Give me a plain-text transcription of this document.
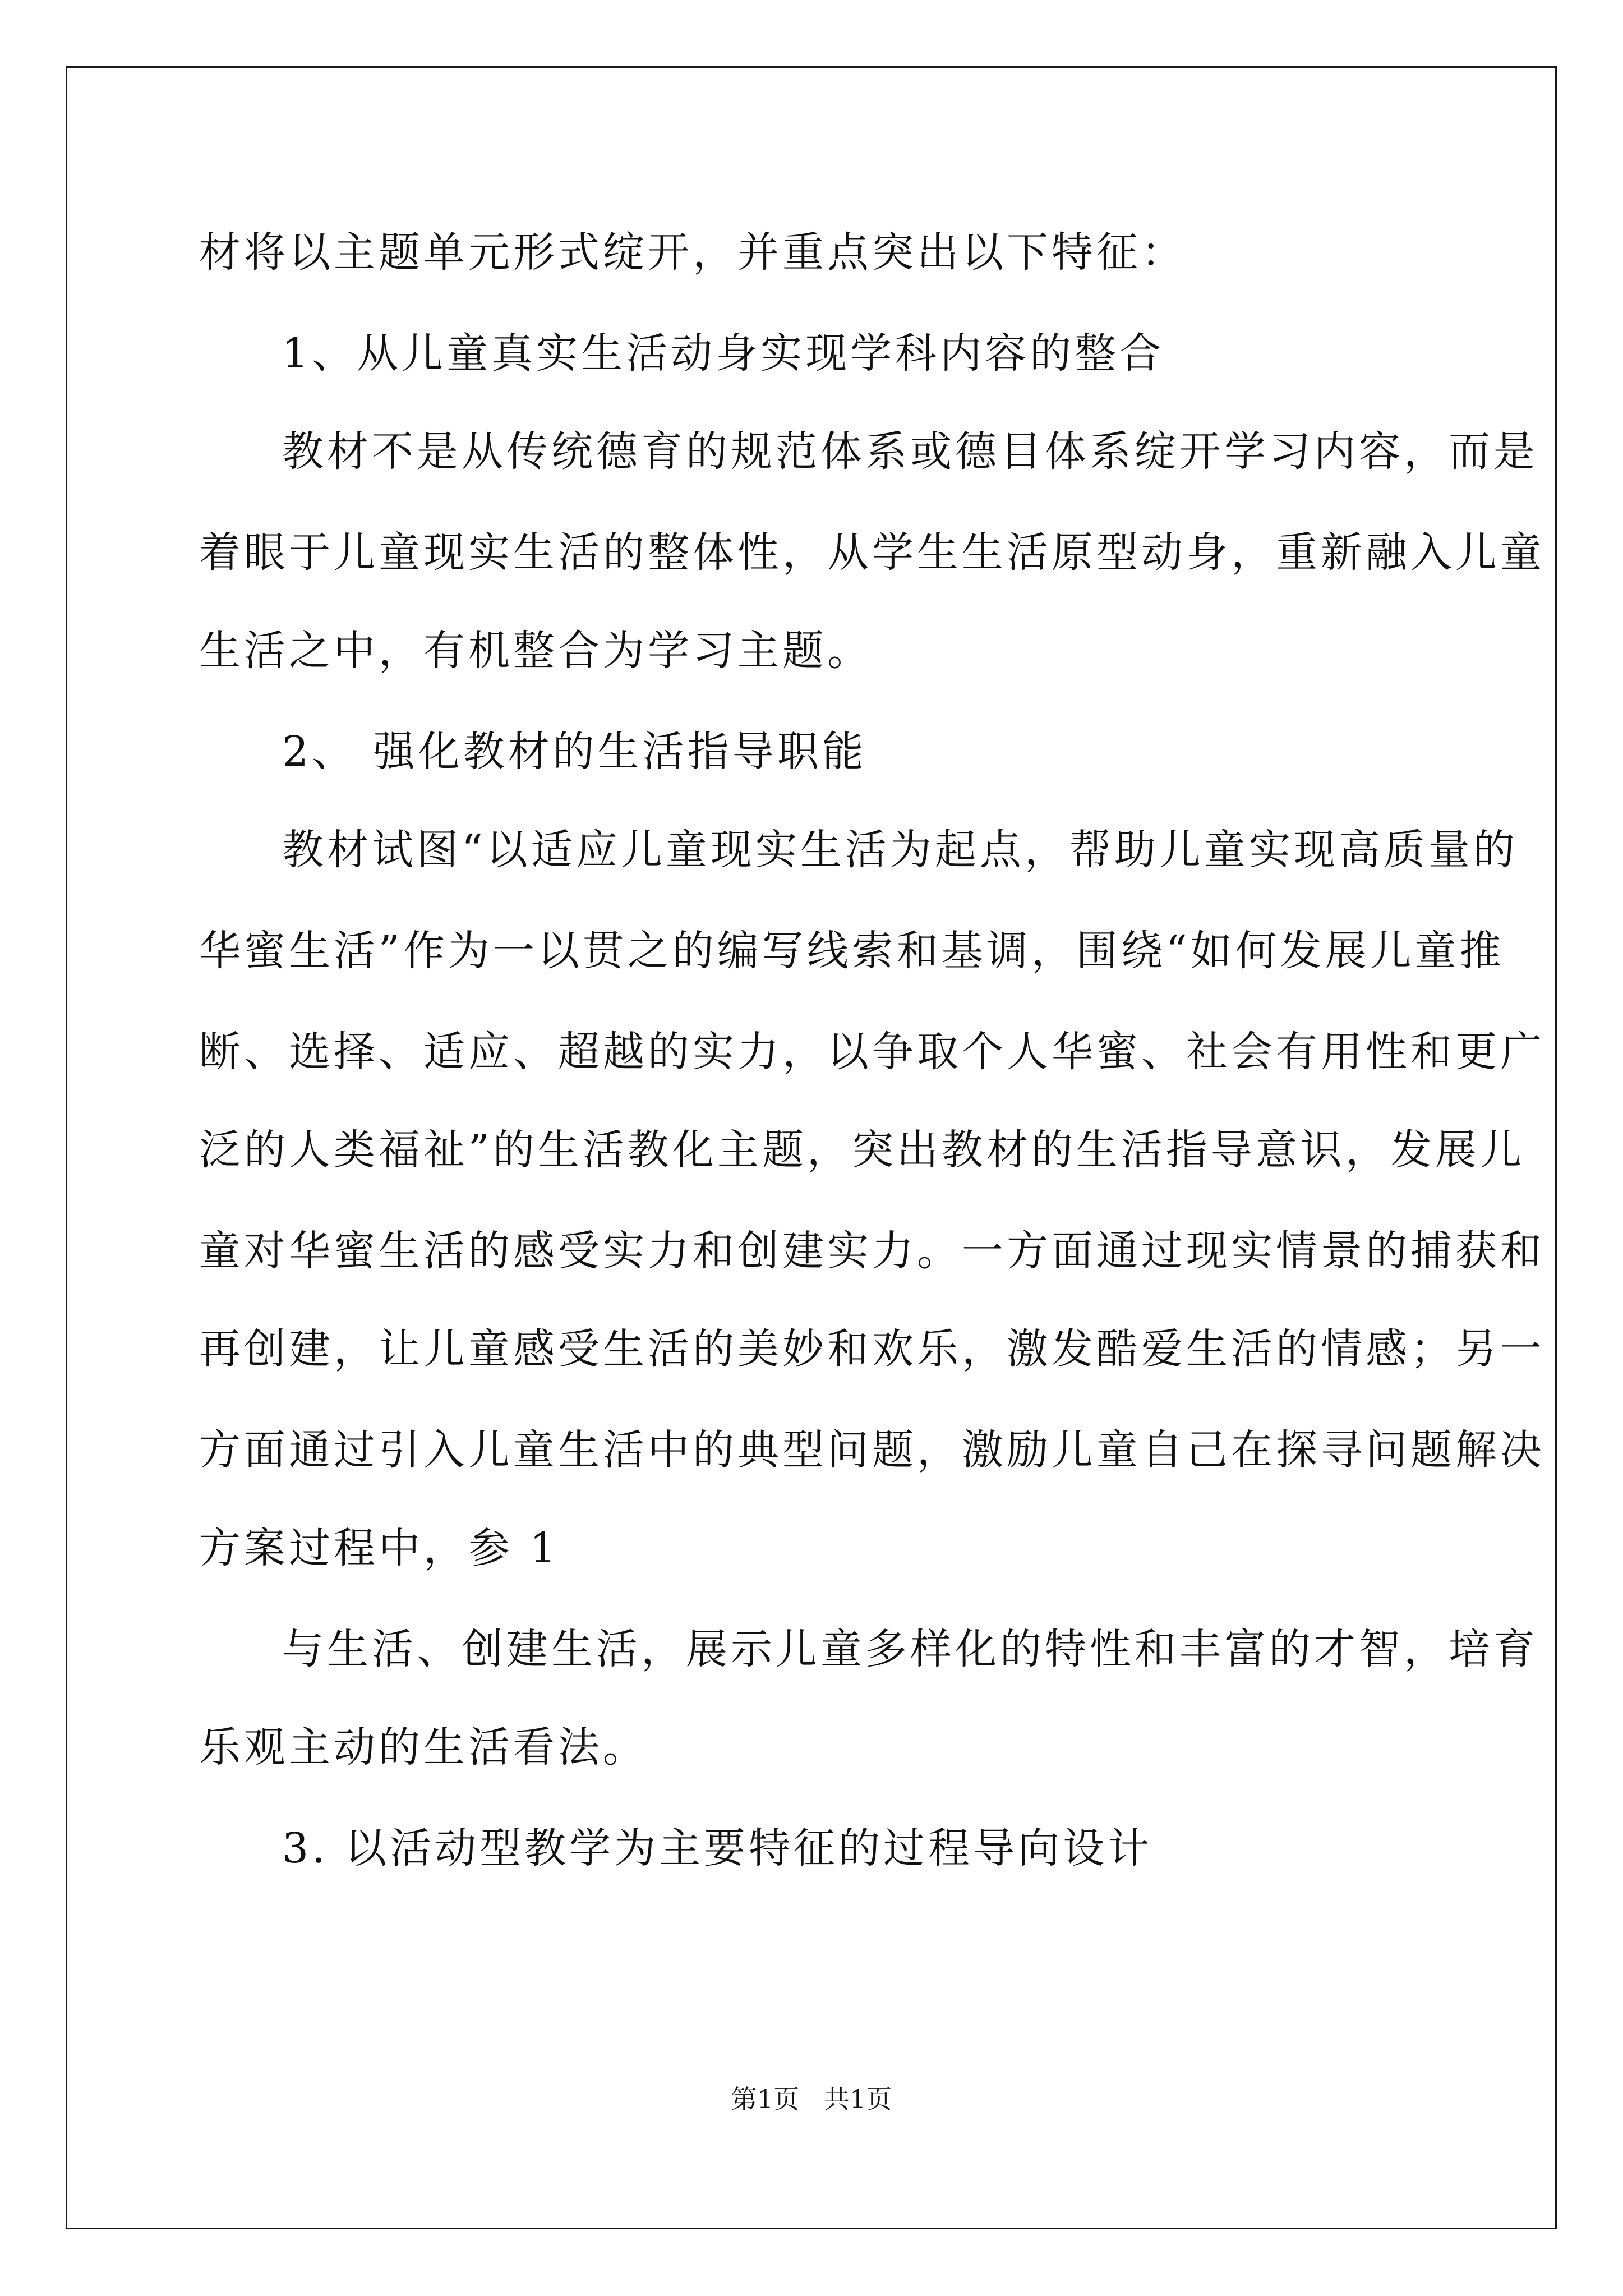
材将以主题单元形式绽开，并重点突出以下特征：

1、从儿童真实生活动身实现学科内容的整合

教材不是从传统德育的规范体系或德目体系绽开学习内容，而是

着眼于儿童现实生活的整体性，从学生生活原型动身，重新融入儿童

生活之中，有机整合为学习主题。

2、 强化教材的生活指导职能

教材试图“以适应儿童现实生活为起点，帮助儿童实现高质量的

华蜜生活”作为一以贯之的编写线索和基调，围绕“如何发展儿童推

断、选择、适应、超越的实力，以争取个人华蜜、社会有用性和更广

泛的人类福祉”的生活教化主题，突出教材的生活指导意识，发展儿

童对华蜜生活的感受实力和创建实力。一方面通过现实情景的捕获和

再创建，让儿童感受生活的美妙和欢乐，激发酷爱生活的情感；另一

方面通过引入儿童生活中的典型问题，激励儿童自己在探寻问题解决

方案过程中，参 1

与生活、创建生活，展示儿童多样化的特性和丰富的才智，培育

乐观主动的生活看法。

3. 以活动型教学为主要特征的过程导向设计

第1页   共1页
